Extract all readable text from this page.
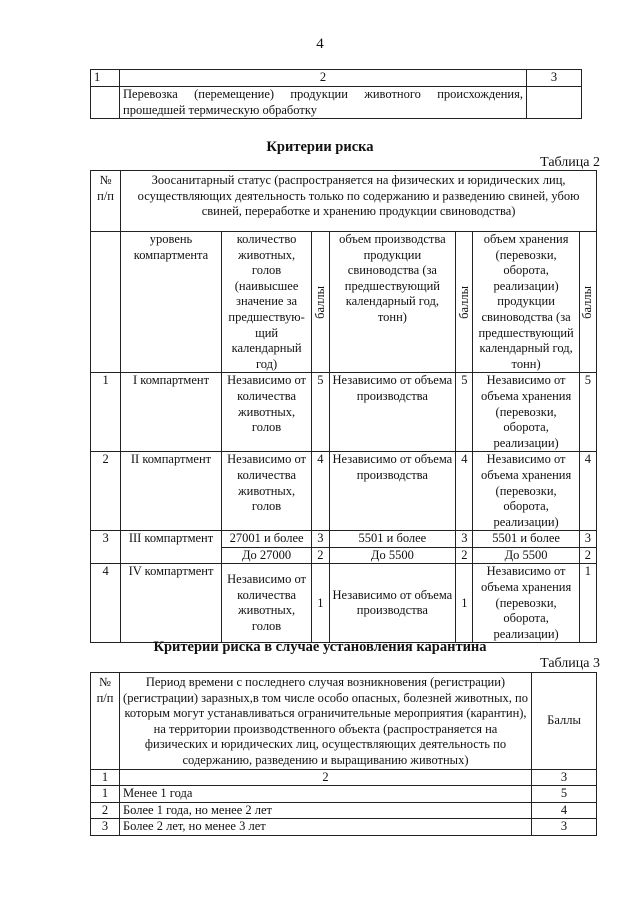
4
1	2	3
	Перевозка (перемещение) продукции животного происхождения, прошедшей термическую обработку	
Критерии риска
Таблица 2
№ п/п	Зоосанитарный статус (распространяется на физических и юридических лиц, осуществляющих деятельность только по содержанию и разведению свиней, убою свиней, переработке и хранению продукции свиноводства)						
	уровень компартмента	количество животных, голов (наивысшее значение за предшествую-щий календарный год)	баллы	объем производства продукции свиноводства (за предшествующий календарный год, тонн)	баллы	объем хранения (перевозки, оборота, реализации) продукции свиноводства (за предшествующий календарный год, тонн)	баллы

1	I компартмент	Независимо от количества животных, голов	5	Независимо от объема производства	5	Независимо от объема хранения (перевозки, оборота, реализации)	5
2	II компартмент	Независимо от количества животных, голов	4	Независимо от объема производства	4	Независимо от объема хранения (перевозки, оборота, реализации)	4
3	III компартмент	27001 и более	3	5501 и более	3	5501 и более	3
		До 27000	2	До 5500	2	До 5500	2
4	IV компартмент	Независимо от количества животных, голов	1	Независимо от объема производства	1	Независимо от объема хранения (перевозки, оборота, реализации)	1
Критерии риска в случае установления карантина
Таблица 3
№ п/п	Период времени с последнего случая возникновения (регистрации) (регистрации) заразных,в том числе особо опасных, болезней животных, по которым могут устанавливаться ограничительные мероприятия (карантин), на территории производственного объекта (распространяется на физических и юридических лиц, осуществляющих деятельность по содержанию, разведению и выращиванию животных)	Баллы
1	2	3
1	Менее 1 года	5
2	Более 1 года, но менее 2 лет	4
3	Более 2 лет, но менее 3 лет	3
